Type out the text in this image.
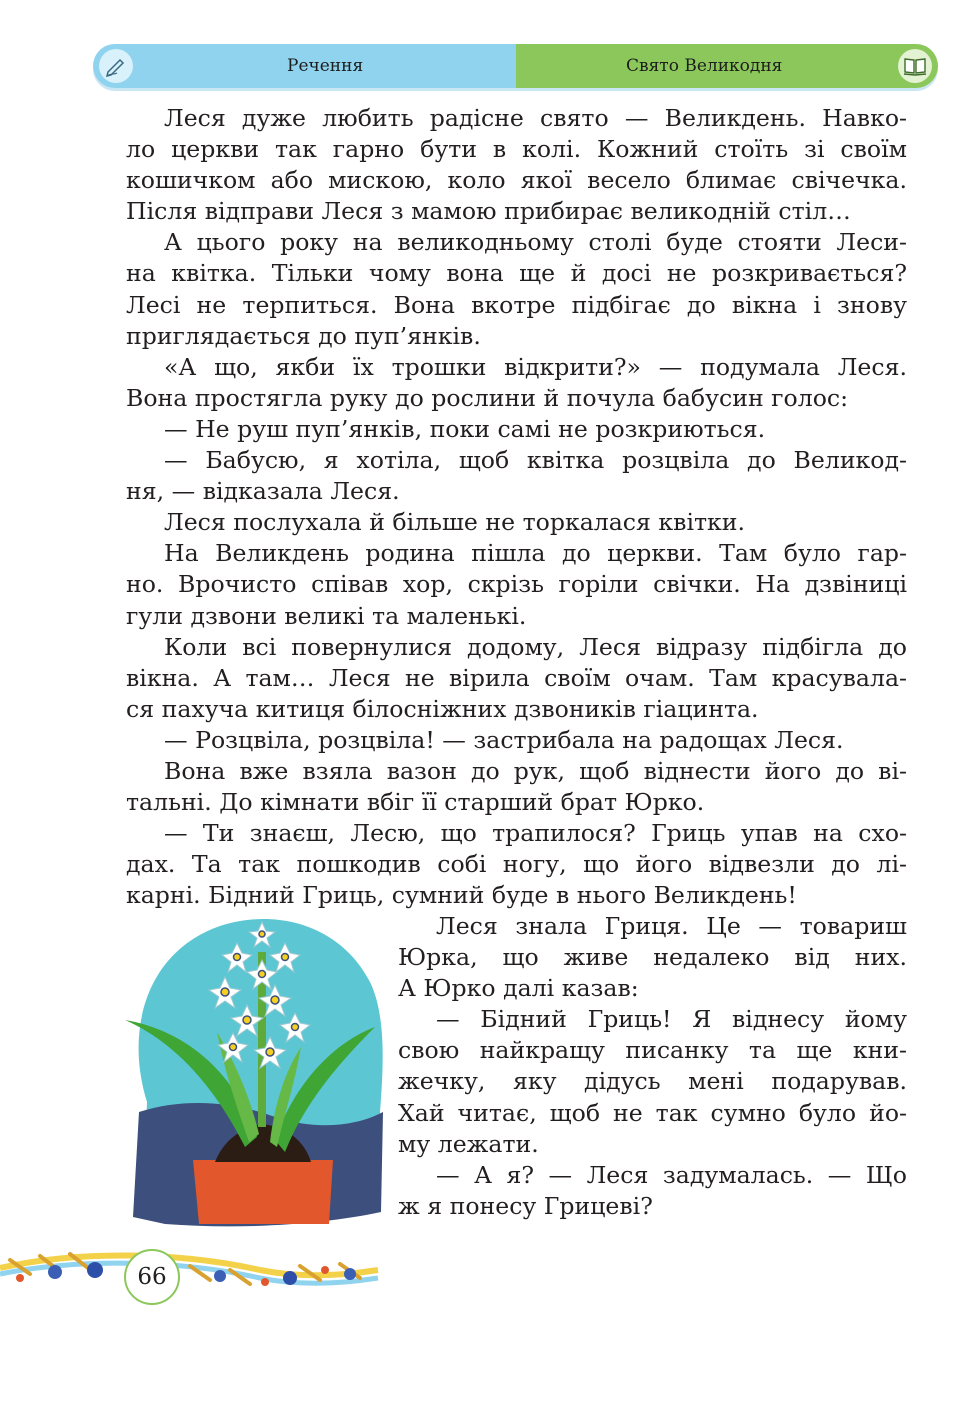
Речення	Свято Великодня
Леся дуже любить радісне свято — Великдень. Навко-
ло церкви так гарно бути в колі. Кожний стоїть зі своїм
кошичком або мискою, коло якої весело блимає свічечка.
Після відправи Леся з мамою прибирає великодній стіл…
А цього року на великодньому столі буде стояти Леси-
на квітка. Тільки чому вона ще й досі не розкривається?
Лесі не терпиться. Вона вкотре підбігає до вікна і знову
приглядається до пуп’янків.
«А що, якби їх трошки відкрити?» — подумала Леся.
Вона простягла руку до рослини й почула бабусин голос:
— Не руш пуп’янків, поки самі не розкриються.
— Бабусю, я хотіла, щоб квітка розцвіла до Великод-
ня, — відказала Леся.
Леся послухала й більше не торкалася квітки.
На Великдень родина пішла до церкви. Там було гар-
но. Врочисто співав хор, скрізь горіли свічки. На дзвіниці
гули дзвони великі та маленькі.
Коли всі повернулися додому, Леся відразу підбігла до
вікна. А там… Леся не вірила своїм очам. Там красувала-
ся пахуча китиця білосніжних дзвоників гіацинта.
— Розцвіла, розцвіла! — застрибала на радощах Леся.
Вона вже взяла вазон до рук, щоб віднести його до ві-
тальні. До кімнати вбіг її старший брат Юрко.
— Ти знаєш, Лесю, що трапилося? Гриць упав на схо-
дах. Та так пошкодив собі ногу, що його відвезли до лі-
карні. Бідний Гриць, сумний буде в нього Великдень!
Леся знала Гриця. Це — товариш
Юрка, що живе недалеко від них.
А Юрко далі казав:
— Бідний Гриць! Я віднесу йому
свою найкращу писанку та ще кни-
жечку, яку дідусь мені подарував.
Хай читає, щоб не так сумно було йо-
му лежати.
— А я? — Леся задумалась. — Що
ж я понесу Грицеві?
66
